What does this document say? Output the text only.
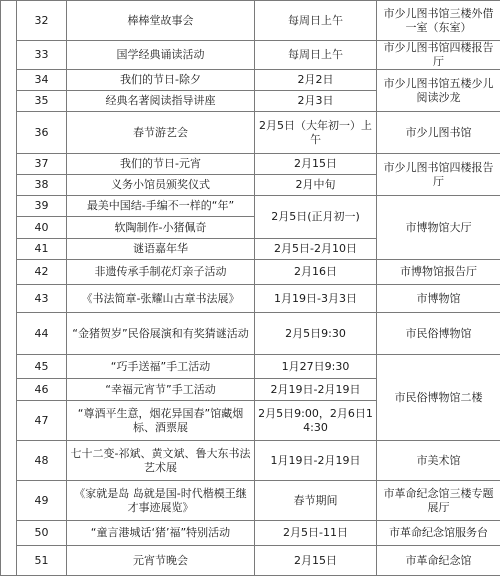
	32	棒棒堂故事会	每周日上午	市少儿图书馆三楼外借一室（东室）
	33	国学经典诵读活动	每周日上午	市少儿图书馆四楼报告厅
	34	我们的节日-除夕	2月2日	市少儿图书馆五楼少儿阅读沙龙
	35	经典名著阅读指导讲座	2月3日	
	36	春节游艺会	2月5日（大年初一）上午	市少儿图书馆
	37	我们的节日-元宵	2月15日	市少儿图书馆四楼报告厅
	38	义务小馆员颁奖仪式	2月中旬	
	39	最美中国结-手编不一样的“年”	2月5日(正月初一)	市博物馆大厅
	40	软陶制作-小猪佩奇		
	41	谜语嘉年华	2月5日-2月10日	
	42	非遗传承手制花灯亲子活动	2月16日	市博物馆报告厅
	43	《书法简章-张耀山古章书法展》	1月19日-3月3日	市博物馆
	44	“金猪贺岁”民俗展演和有奖猜谜活动	2月5日9:30	市民俗博物馆
	45	“巧手送福”手工活动	1月27日9:30	市民俗博物馆二楼
	46	“幸福元宵节”手工活动	2月19日-2月19日	
	47	“尊酒平生意，烟花异国春”馆藏烟标、酒票展	2月5日9:00，2月6日14:30	
	48	七十二变-祁斌、黄文斌、鲁大东书法艺术展	1月19日-2月19日	市美术馆
	49	《家就是岛 岛就是国-时代楷模王继才事迹展览》	春节期间	市革命纪念馆三楼专题展厅
	50	“童言港城话‘猪’福”特别活动	2月5日-11日	市革命纪念馆服务台
	51	元宵节晚会	2月15日	市革命纪念馆
